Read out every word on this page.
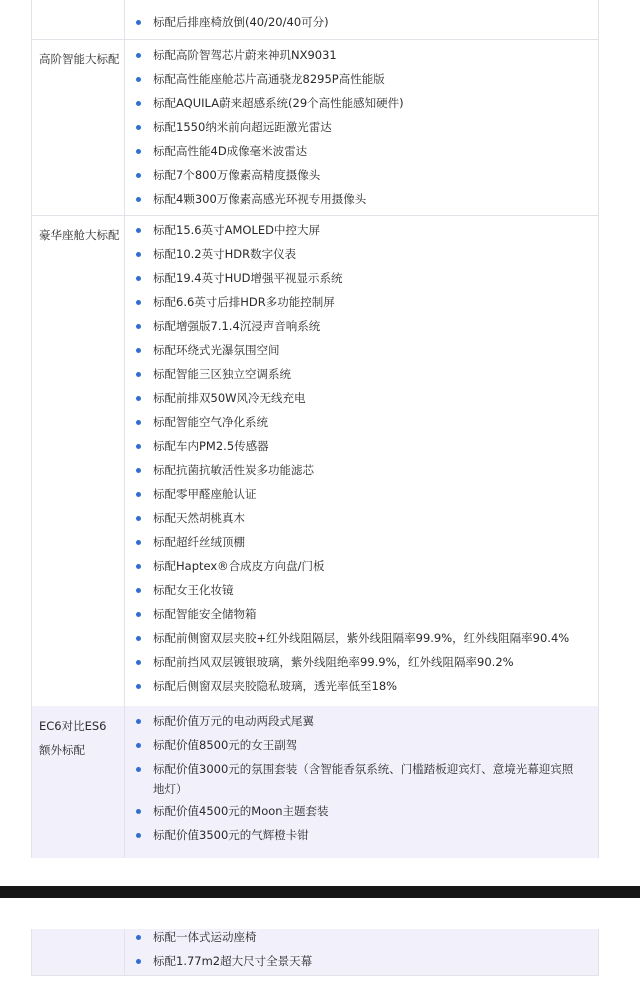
标配后排座椅放倒(40/20/40可分)
高阶智能大标配	标配高阶智驾芯片蔚来神玑NX9031
标配高性能座舱芯片高通骁龙8295P高性能版
标配AQUILA蔚来超感系统(29个高性能感知硬件)
标配1550纳米前向超远距激光雷达
标配高性能4D成像毫米波雷达
标配7个800万像素高精度摄像头
标配4颗300万像素高感光环视专用摄像头
豪华座舱大标配	标配15.6英寸AMOLED中控大屏
标配10.2英寸HDR数字仪表
标配19.4英寸HUD增强平视显示系统
标配6.6英寸后排HDR多功能控制屏
标配增强版7.1.4沉浸声音响系统
标配环绕式光瀑氛围空间
标配智能三区独立空调系统
标配前排双50W风冷无线充电
标配智能空气净化系统
标配车内PM2.5传感器
标配抗菌抗敏活性炭多功能滤芯
标配零甲醛座舱认证
标配天然胡桃真木
标配超纤丝绒顶棚
标配Haptex®合成皮方向盘/门板
标配女王化妆镜
标配智能安全储物箱
标配前侧窗双层夹胶+红外线阻隔层，紫外线阻隔率99.9%，红外线阻隔率90.4%
标配前挡风双层镀银玻璃，紫外线阻绝率99.9%，红外线阻隔率90.2%
标配后侧窗双层夹胶隐私玻璃，透光率低至18%
EC6对比ES6
额外标配
标配价值万元的电动两段式尾翼
标配价值8500元的女王副驾
标配价值3000元的氛围套装（含智能香氛系统、门槛踏板迎宾灯、意境光幕迎宾照地灯）
标配价值4500元的Moon主题套装
标配价值3500元的气辉橙卡钳
标配一体式运动座椅
标配1.77m2超大尺寸全景天幕
